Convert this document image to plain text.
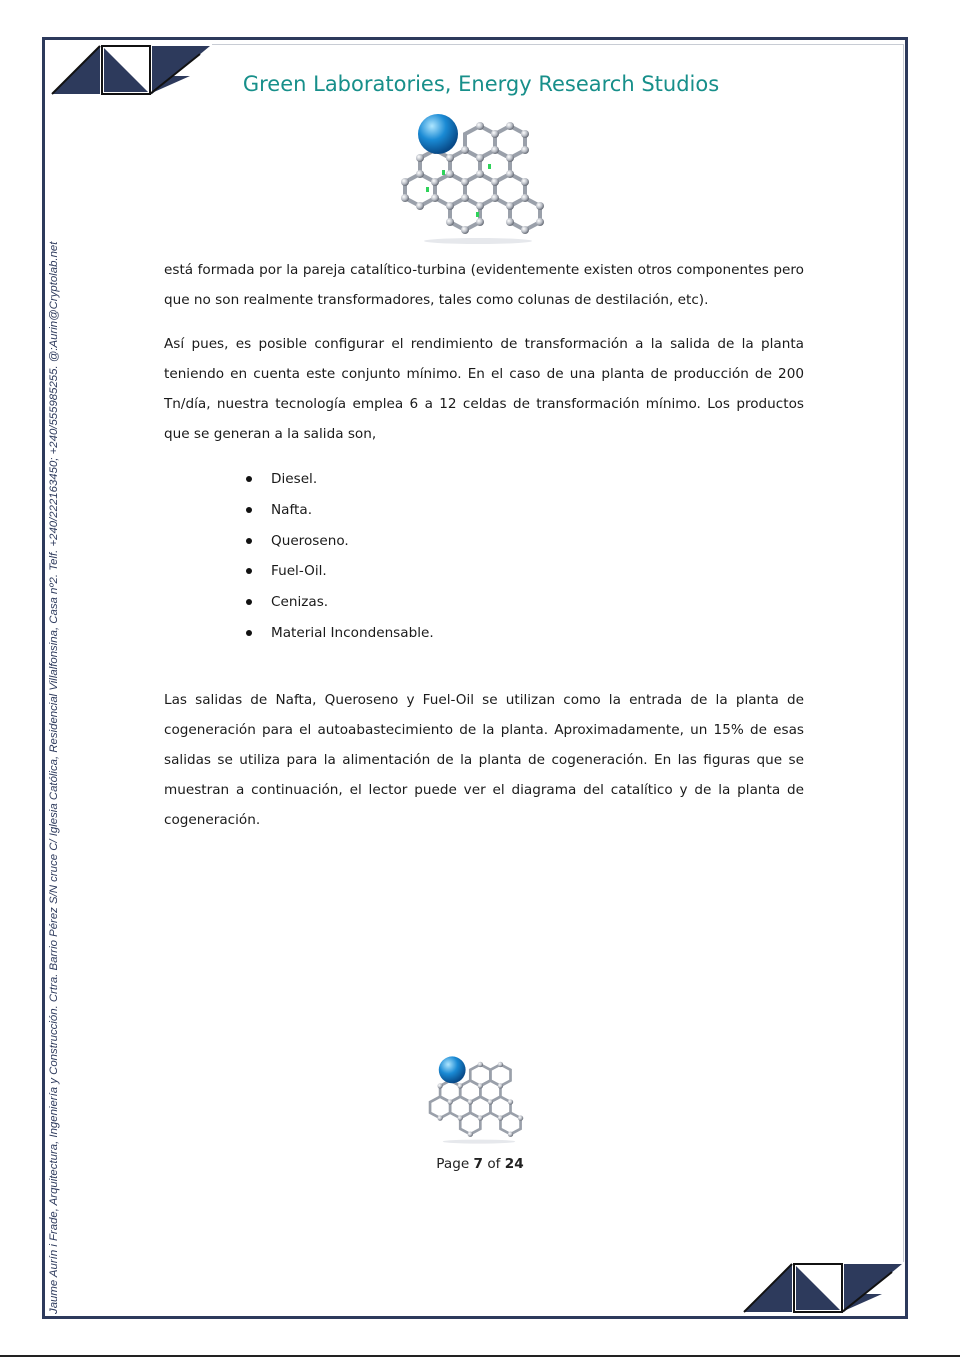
Jaume Aurín i Frade, Arquitectura, Ingeniería y Construcción. Crtra. Barrio Pérez S/N cruce C/ Iglesia Católica, Residencial Villalfonsina, Casa nº2. Telf. +240/222163450; +240/555985255. @:Aurin@Cryptolab.net
Green Laboratories, Energy Research Studios
está formada por la pareja catalítico-turbina (evidentemente existen otros componentes pero que no son realmente transformadores, tales como colunas de destilación, etc).
Así pues, es posible configurar el rendimiento de transformación a la salida de la planta teniendo en cuenta este conjunto mínimo. En el caso de una planta de producción de 200 Tn/día, nuestra tecnología emplea 6 a 12 celdas de transformación mínimo. Los productos que se generan a la salida son,
Diesel.
Nafta.
Queroseno.
Fuel-Oil.
Cenizas.
Material Incondensable.
Las salidas de Nafta, Queroseno y Fuel-Oil se utilizan como la entrada de la planta de cogeneración para el autoabastecimiento de la planta. Aproximadamente, un 15% de esas salidas se utiliza para la alimentación de la planta de cogeneración. En las figuras que se muestran a continuación, el lector puede ver el diagrama del catalítico y de la planta de cogeneración.
Page 7 of 24
